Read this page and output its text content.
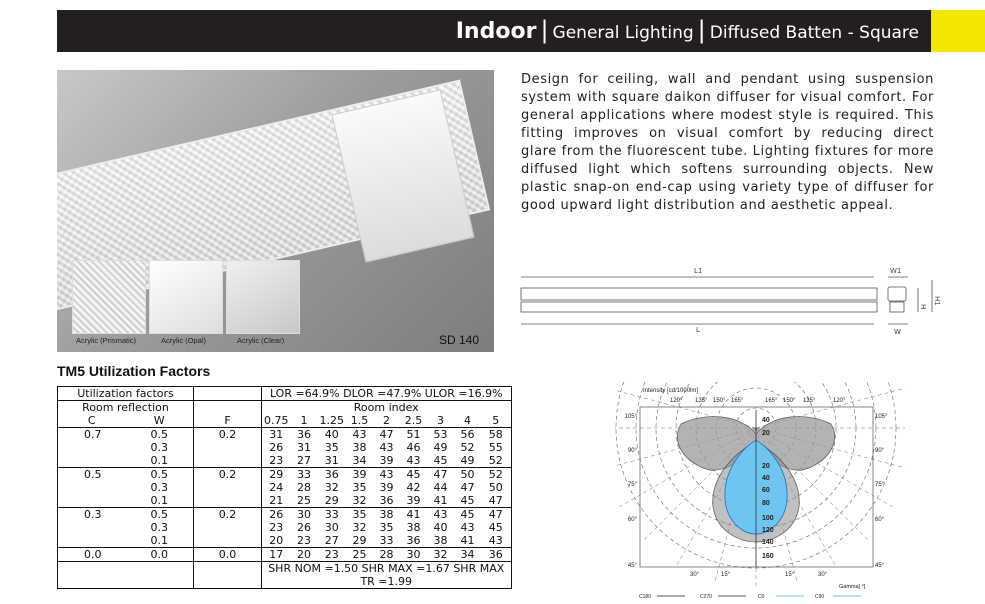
Indoor | General Lighting | Diffused Batten - Square
Acrylic (Prismatic)	Acrylic (Opal)	Acrylic (Clear)	SD 140
Design for ceiling, wall and pendant using suspension system with square daikon diffuser for visual comfort. For general applications where modest style is required. This fitting improves on visual comfort by reducing direct glare from the fluorescent tube. Lighting fixtures for more diffused light which softens surrounding objects. New plastic snap-on end-cap using variety type of diffuser for good upward light distribution and aesthetic appeal.
L1	W1
L	W
H
H1
TM5 Utilization Factors
Utilization factors			LOR =64.9% DLOR =47.9% ULOR =16.9%								
Room reflection			Room index								
C	W	F	0.75	1	1.25	1.5	2	2.5	3	4	5
0.7	0.5	0.2	31	36	40	43	47	51	53	56	58
	0.3		26	31	35	38	43	46	49	52	55
	0.1		23	27	31	34	39	43	45	49	52
0.5	0.5	0.2	29	33	36	39	43	45	47	50	52
	0.3		24	28	32	35	39	42	44	47	50
	0.1		21	25	29	32	36	39	41	45	47
0.3	0.5	0.2	26	30	33	35	38	41	43	45	47
	0.3		23	26	30	32	35	38	40	43	45
	0.1		20	23	27	29	33	36	38	41	43
0.0	0.0	0.0	17	20	23	25	28	30	32	34	36
			SHR NOM =1.50 SHR MAX =1.67 SHR MAX								
			TR =1.99								
Intensity [cd/1000lm]
120° 135° 150° 165°	165° 150° 135°	120°
105°	105°
90°	90°
75°	75°
60°	60°
45°	45°
30°	15°	15°	30°
40
20
20
40
60
80
100
120
140
160
Gamma[ °]
C180	C270	C0	C90
